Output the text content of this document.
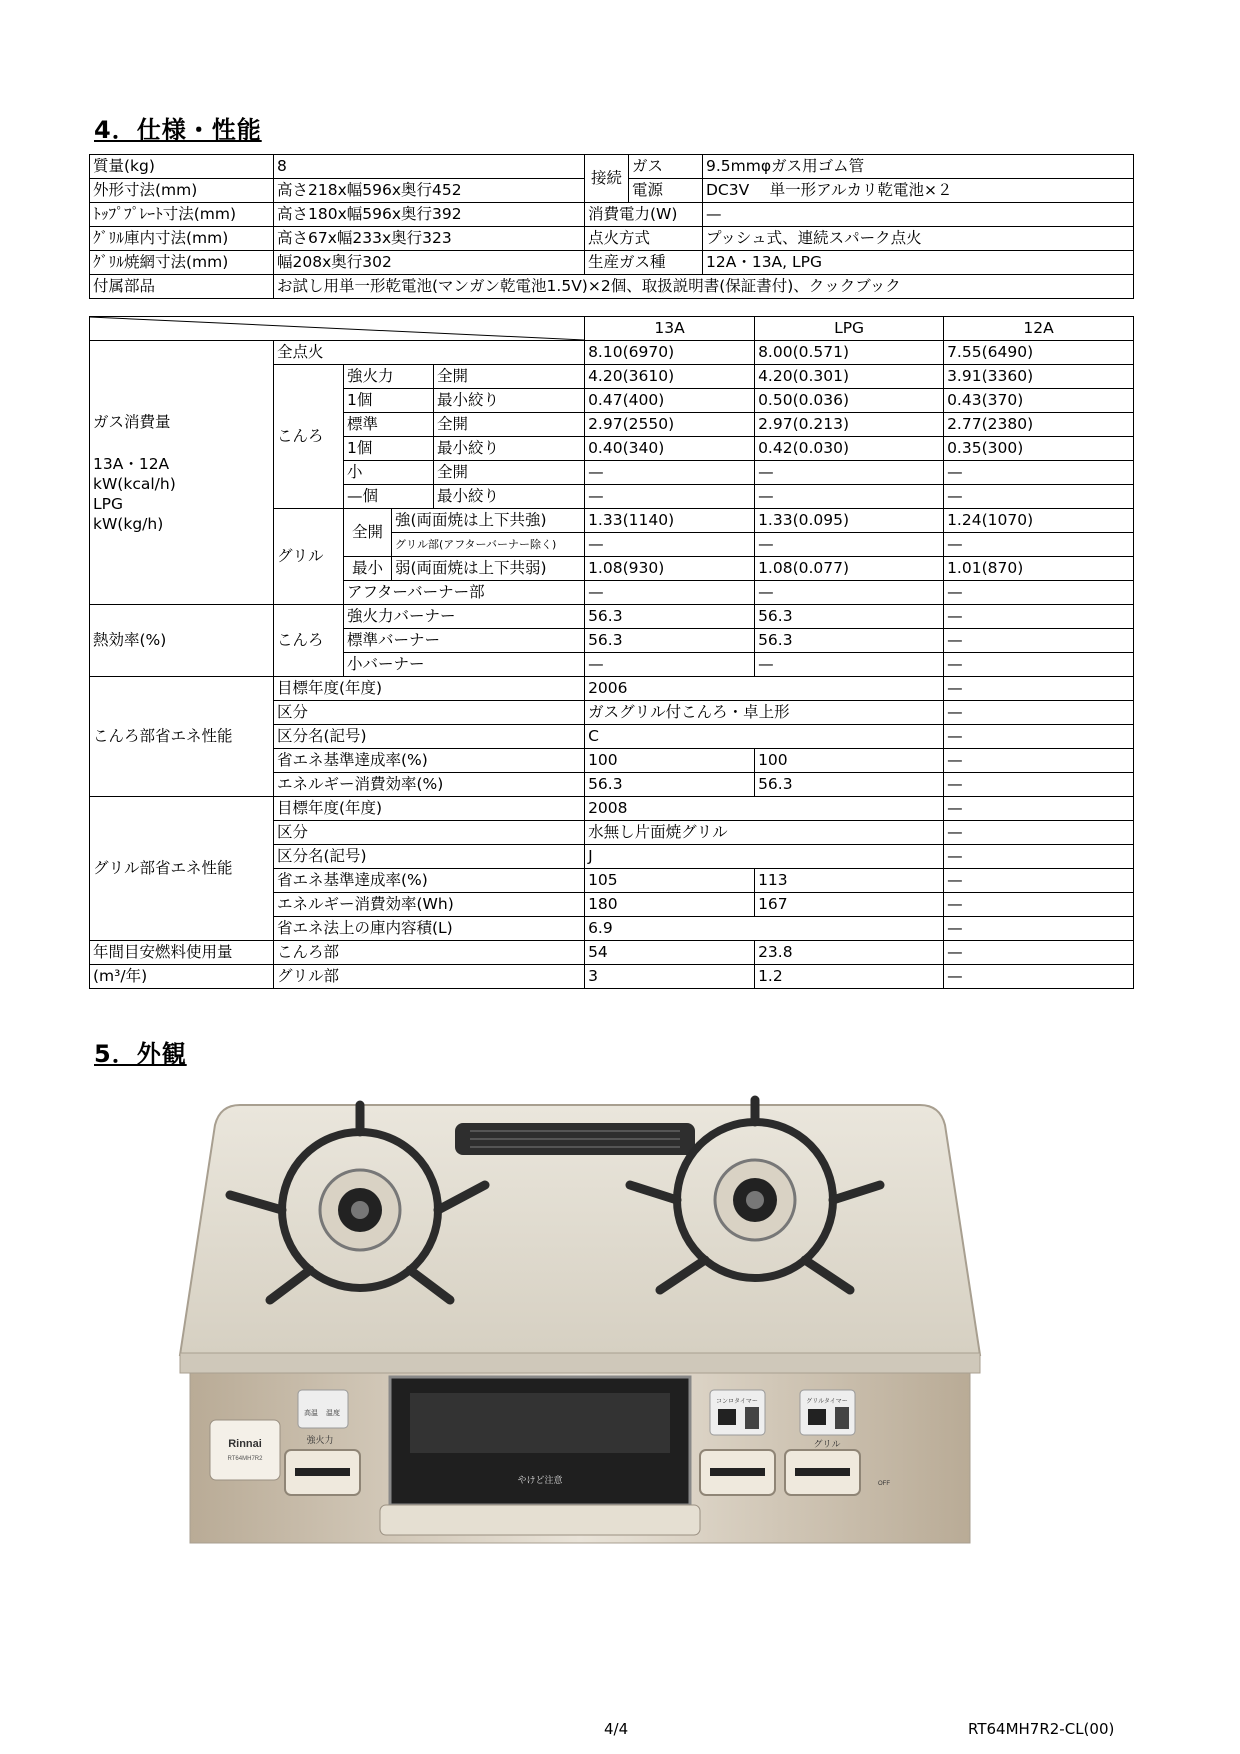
4．仕様・性能
質量(kg)	8	接続	ガス	9.5mmφガス用ゴム管
外形寸法(mm)	高さ218x幅596x奥行452		電源	DC3V　 単一形アルカリ乾電池×２
ﾄｯﾌﾟﾌﾟﾚｰﾄ寸法(mm)	高さ180x幅596x奥行392	消費電力(W)		—
ｸﾞﾘﾙ庫内寸法(mm)	高さ67x幅233x奥行323	点火方式		プッシュ式、連続スパーク点火
ｸﾞﾘﾙ焼網寸法(mm)	幅208x奥行302	生産ガス種		12A・13A, LPG
付属部品	お試し用単一形乾電池(マンガン乾電池1.5V)×2個、取扱説明書(保証書付)、クックブック			
	13A	LPG	12A

ガス消費量
13A・12A
kW(kcal/h)
LPG
kW(kg/h)	全点火				8.10(6970)	8.00(0.571)	7.55(6490)
	こんろ	強火力		全開	4.20(3610)	4.20(0.301)	3.91(3360)
		1個		最小絞り	0.47(400)	0.50(0.036)	0.43(370)
		標準		全開	2.97(2550)	2.97(0.213)	2.77(2380)
		1個		最小絞り	0.40(340)	0.42(0.030)	0.35(300)
		小		全開	—	—	—
		—個		最小絞り	—	—	—
	グリル	全開	強(両面焼は上下共強)		1.33(1140)	1.33(0.095)	1.24(1070)
			グリル部(アフターバーナー除く)		—	—	—
		最小	弱(両面焼は上下共弱)		1.08(930)	1.08(0.077)	1.01(870)
		アフターバーナー部			—	—	—
熱効率(%)	こんろ	強火力バーナー			56.3	56.3	—
		標準バーナー			56.3	56.3	—
		小バーナー			—	—	—
こんろ部省エネ性能	目標年度(年度)				2006		—
	区分				ガスグリル付こんろ・卓上形		—
	区分名(記号)				C		—
	省エネ基準達成率(%)				100	100	—
	エネルギー消費効率(%)				56.3	56.3	—
グリル部省エネ性能	目標年度(年度)				2008		—
	区分				水無し片面焼グリル		—
	区分名(記号)				J		—
	省エネ基準達成率(%)				105	113	—
	エネルギー消費効率(Wh)				180	167	—
	省エネ法上の庫内容積(L)				6.9		—
年間目安燃料使用量	こんろ部				54	23.8	—
(m³/年)	グリル部				3	1.2	—
5．外観
やけど注意
Rinnai
RT64MH7R2
高温 温度
強火力
コンロタイマー	グリルタイマー
グリル
OFF
4/4	RT64MH7R2-CL(00)
